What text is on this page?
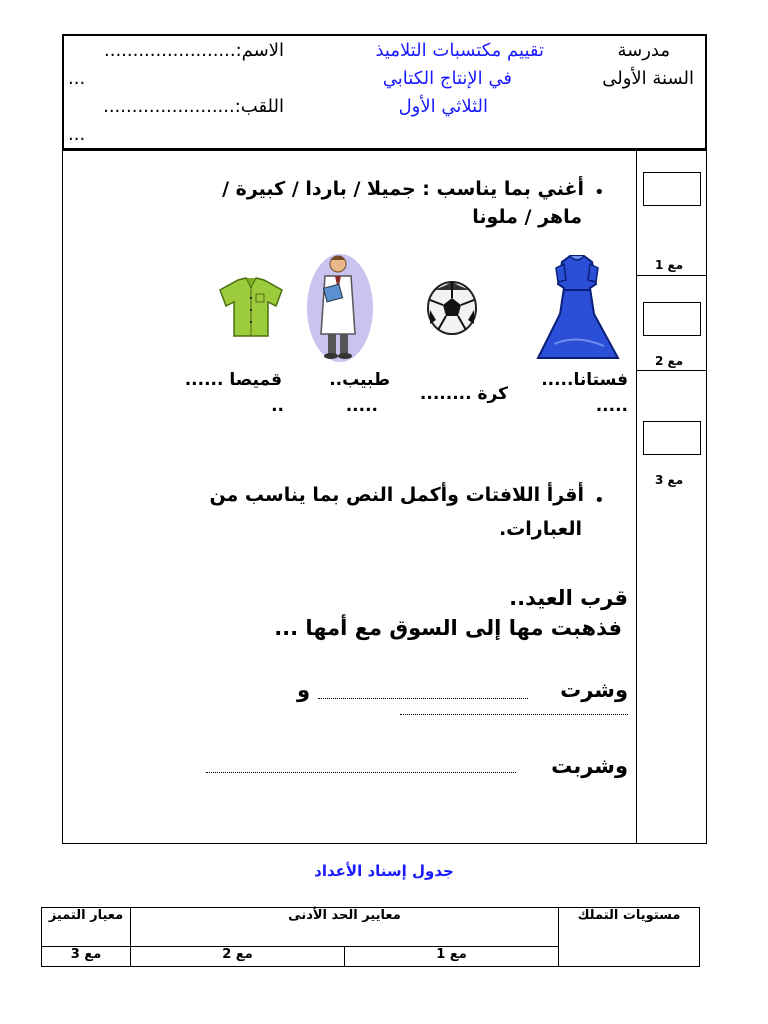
مدرسة
السنة الأولى
تقييم مكتسبات التلاميذ
في الإنتاج الكتابي
الثلاثي الأول
الاسم:.......................
...
اللقب:.......................
...
مع 1
مع 2
مع 3
•
أغني بما يناسب : جميلا / باردا / كبيرة /
ماهر / ملونا
فستانا.....
.....
كرة ........
طبيب..
.....
قميصا ......
..
•
أقرأ اللافتات وأكمل النص بما يناسب من
العبارات.
قرب العيد..
فذهبت مها إلى السوق مع أمها ...
وشرت
و
وشربت
جدول إسناد الأعداد
مستويات التملك	معايير الحد الأدنى		معيار التميز
	مع 1	مع 2	مع 3
